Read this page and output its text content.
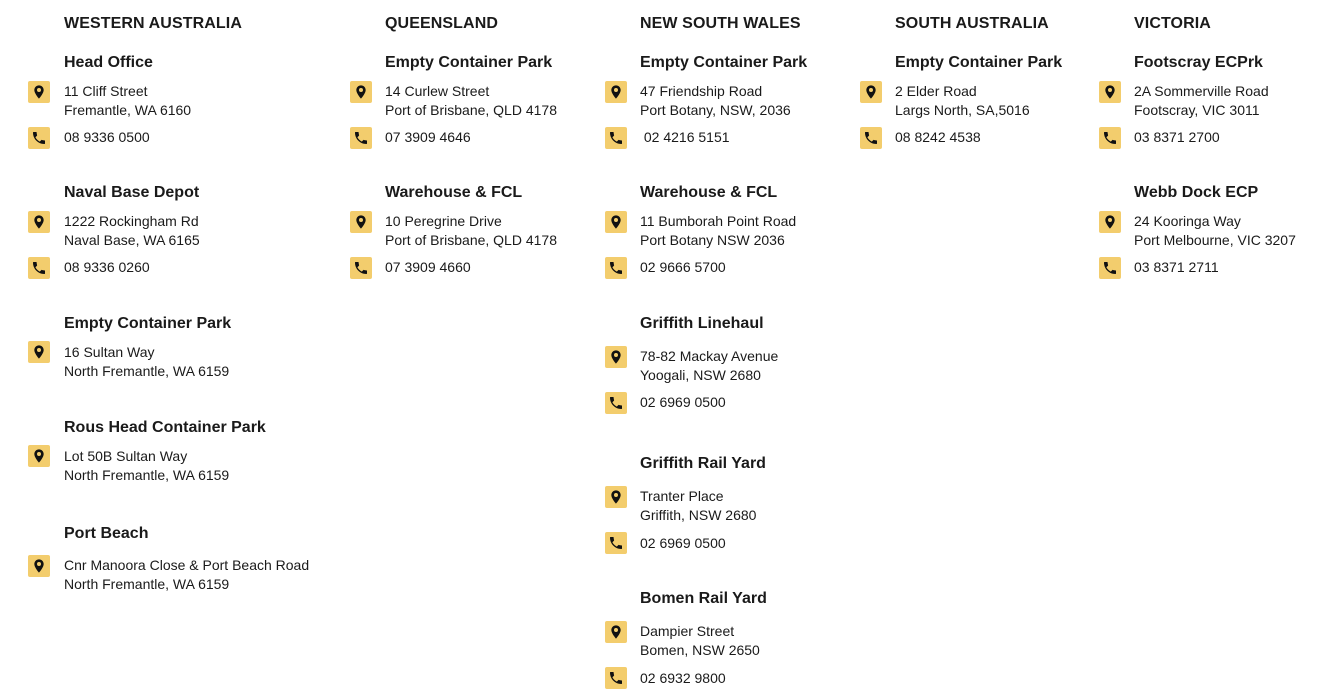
WESTERN AUSTRALIA
Head Office
11 Cliff Street
Fremantle, WA 6160
08 9336 0500
Naval Base Depot
1222 Rockingham Rd
Naval Base, WA 6165
08 9336 0260
Empty Container Park
16 Sultan Way
North Fremantle, WA 6159
Rous Head Container Park
Lot 50B Sultan Way
North Fremantle, WA 6159
Port Beach
Cnr Manoora Close & Port Beach Road
North Fremantle, WA 6159
QUEENSLAND
Empty Container Park
14 Curlew Street
Port of Brisbane, QLD 4178
07 3909 4646
Warehouse & FCL
10 Peregrine Drive
Port of Brisbane, QLD 4178
07 3909 4660
NEW SOUTH WALES
Empty Container Park
47 Friendship Road
Port Botany, NSW, 2036
02 4216 5151
Warehouse & FCL
11 Bumborah Point Road
Port Botany NSW 2036
02 9666 5700
Griffith Linehaul
78-82 Mackay Avenue
Yoogali, NSW 2680
02 6969 0500
Griffith Rail Yard
Tranter Place
Griffith, NSW 2680
02 6969 0500
Bomen Rail Yard
Dampier Street
Bomen, NSW 2650
02 6932 9800
SOUTH AUSTRALIA
Empty Container Park
2 Elder Road
Largs North, SA,5016
08 8242 4538
VICTORIA
Footscray ECPrk
2A Sommerville Road
Footscray, VIC 3011
03 8371 2700
Webb Dock ECP
24 Kooringa Way
Port Melbourne, VIC 3207
03 8371 2711
